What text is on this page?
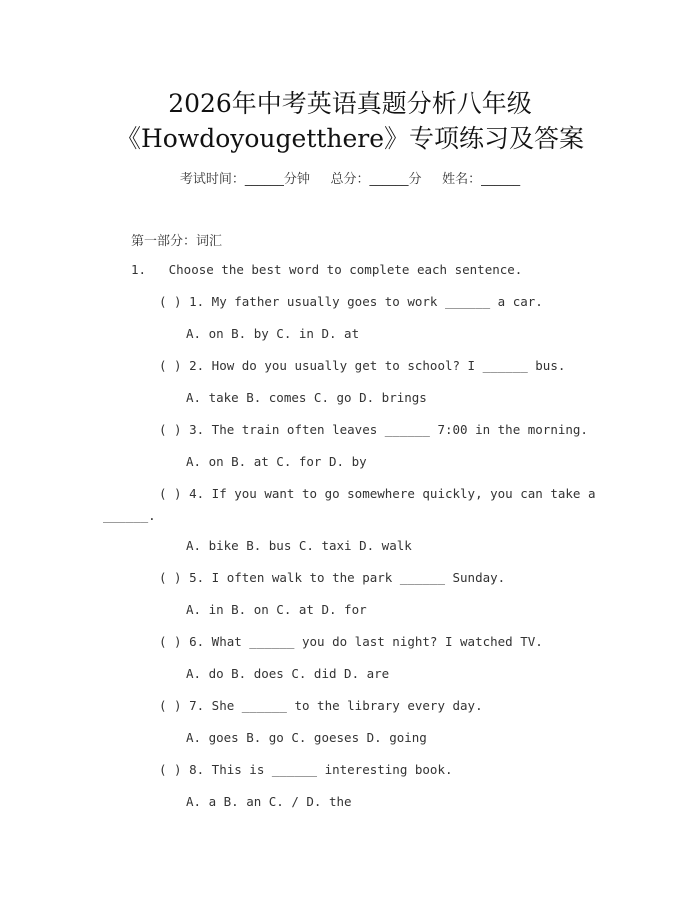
2026年中考英语真题分析八年级
《Howdoyougetthere》专项练习及答案
考试时间：______分钟     总分：______分     姓名：______
第一部分：词汇
1.   Choose the best word to complete each sentence.
( ) 1. My father usually goes to work ______ a car.
A. on B. by C. in D. at
( ) 2. How do you usually get to school? I ______ bus.
A. take B. comes C. go D. brings
( ) 3. The train often leaves ______ 7:00 in the morning.
A. on B. at C. for D. by
( ) 4. If you want to go somewhere quickly, you can take a
______.
A. bike B. bus C. taxi D. walk
( ) 5. I often walk to the park ______ Sunday.
A. in B. on C. at D. for
( ) 6. What ______ you do last night? I watched TV.
A. do B. does C. did D. are
( ) 7. She ______ to the library every day.
A. goes B. go C. goeses D. going
( ) 8. This is ______ interesting book.
A. a B. an C. / D. the
